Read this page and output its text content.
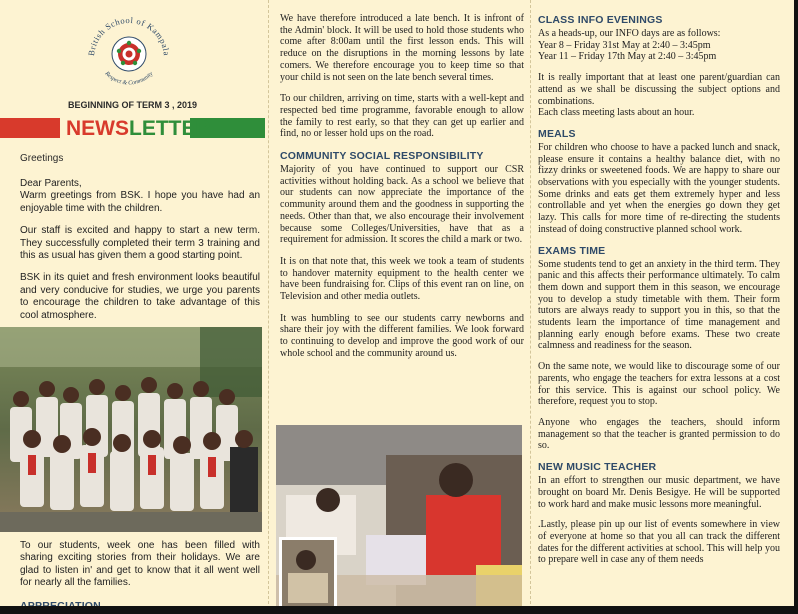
British School of Kampala
Respect & Community
BEGINNING OF TERM 3 , 2019
NEWSLETTER
Greetings

Dear Parents,
Warm greetings from BSK. I hope you have had an enjoyable time with the children.

Our staff is excited and happy to start a new term. They successfully completed their term 3 training and this as usual has given them a good starting point.

BSK in its quiet and fresh environment looks beautiful and very conducive for studies, we urge you parents to encourage the children to take advantage of this cool atmosphere.

To our students, week one has been filled with sharing exciting stories from their holidays. We are glad to listen in' and get to know that it all went well for nearly all the families.

We have therefore introduced a late bench. It is infront of the Admin' block. It will be used to hold those students who come after 8:00am until the first lesson ends. This will reduce on the disruptions in the morning lessons by late comers. We therefore encourage you to keep time so that your child is not seen on the late bench several times.

To our children, arriving on time, starts with a well-kept and respected bed time programme, favorable enough to allow the family to rest early, so that they can get up earlier and find, no or lesser hold ups on the road.

COMMUNITY SOCIAL RESPONSIBILITY

Majority of you have continued to support our CSR activities without holding back. As a school we believe that our students can now appreciate the importance of the community around them and the goodness in supporting the needs. Other than that, we also encourage their involvement because some Colleges/Universities, have that as a requirement for admission. It scores the child a mark or two.

It is on that note that, this week we took a team of students to handover maternity equipment to the health center we have been fundraising for. Clips of this event ran on line, on Television and other media outlets.

It was humbling to see our students carry newborns and share their joy with the different families. We look forward to continuing to develop and improve the good work of our whole school and the community around us.

CLASS INFO EVENINGS

As a heads-up, our INFO days are as follows:
Year 8 – Friday 31st May at 2:40 – 3:45pm
Year 11 – Friday 17th May at 2:40 – 3:45pm

It is really important that at least one parent/guardian can attend as we shall be discussing the subject options and combinations.
Each class meeting lasts about an hour.

MEALS

For children who choose to have a packed lunch and snack, please ensure it contains a healthy balance diet, with no fizzy drinks or sweetened foods. We are happy to share our observations with you especially with the younger students. Some drinks and eats get them extremely hyper and less controllable and yet when the energies go down they get lazy. This calls for more time of re-directing the students instead of doing constructive planned school work.

EXAMS TIME

Some students tend to get an anxiety in the third term. They panic and this affects their performance ultimately. To calm them down and support them in this season, we encourage you to develop a study timetable with them. Their form tutors are always ready to support you in this, so that the students learn the importance of time management and planning early enough before exams. These two create calmness and readiness for the season.

On the same note, we would like to discourage some of our parents, who engage the teachers for extra lessons at a cost for this service. This is against our school policy. We therefore, request you to stop.

Anyone who engages the teachers, should inform management so that the teacher is granted permission to do so.

NEW MUSIC TEACHER

In an effort to strengthen our music department, we have brought on board Mr. Denis Besigye. He will be supported to work hard and make music lessons more meaningful.

.Lastly, please pin up our list of events somewhere in view of everyone at home so that you all can track the different dates for the different activities at school. This will help you to prepare well in case any of them needs
